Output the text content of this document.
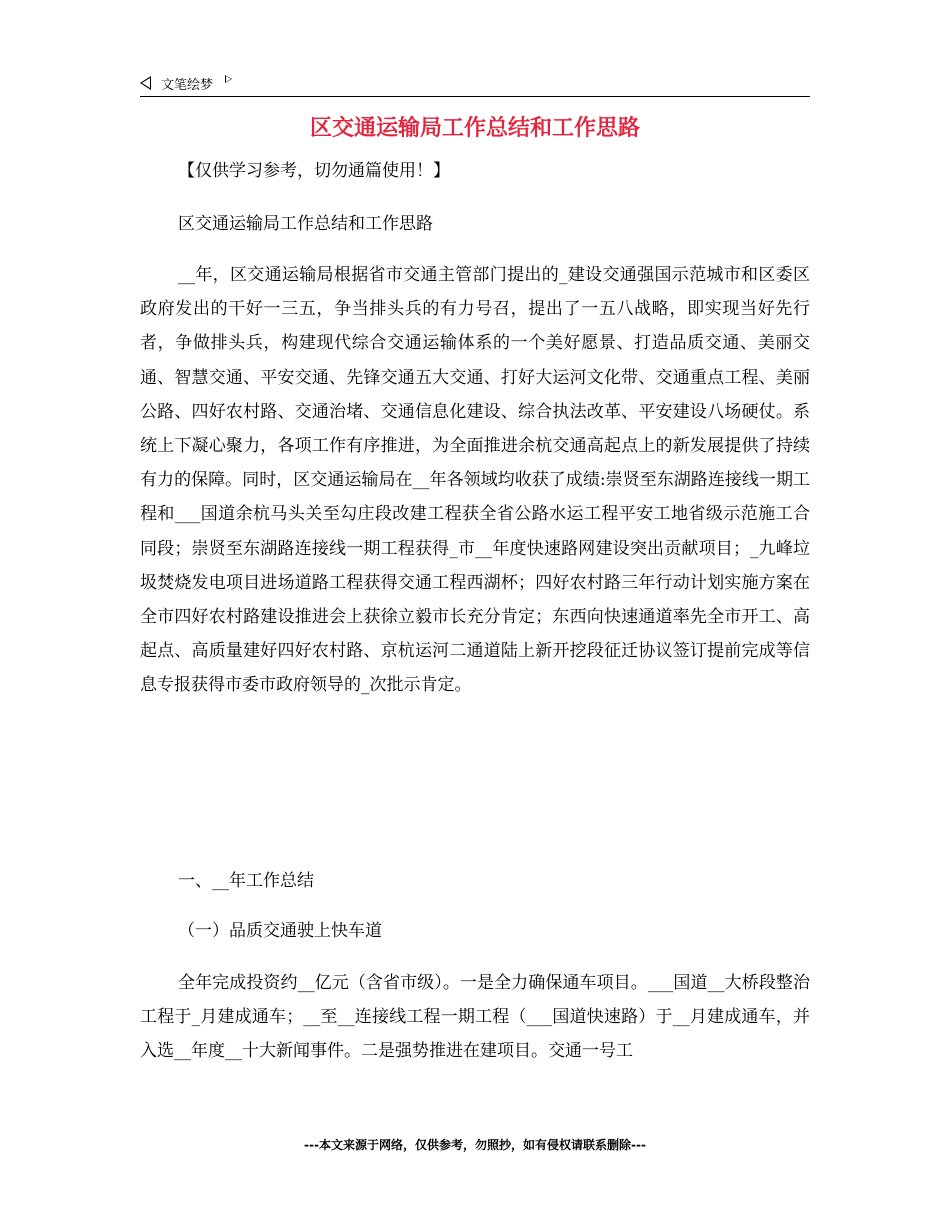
文笔绘梦
区交通运输局工作总结和工作思路

【仅供学习参考，切勿通篇使用！】

区交通运输局工作总结和工作思路

__年，区交通运输局根据省市交通主管部门提出的_建设交通强国示范城市和区委区政府发出的干好一三五，争当排头兵的有力号召，提出了一五八战略，即实现当好先行者，争做排头兵，构建现代综合交通运输体系的一个美好愿景、打造品质交通、美丽交通、智慧交通、平安交通、先锋交通五大交通、打好大运河文化带、交通重点工程、美丽公路、四好农村路、交通治堵、交通信息化建设、综合执法改革、平安建设八场硬仗。系统上下凝心聚力，各项工作有序推进，为全面推进余杭交通高起点上的新发展提供了持续有力的保障。同时，区交通运输局在__年各领域均收获了成绩:崇贤至东湖路连接线一期工程和___国道余杭马头关至勾庄段改建工程获全省公路水运工程平安工地省级示范施工合同段；崇贤至东湖路连接线一期工程获得_市__年度快速路网建设突出贡献项目；_九峰垃圾焚烧发电项目进场道路工程获得交通工程西湖杯；四好农村路三年行动计划实施方案在全市四好农村路建设推进会上获徐立毅市长充分肯定；东西向快速通道率先全市开工、高起点、高质量建好四好农村路、京杭运河二通道陆上新开挖段征迁协议签订提前完成等信息专报获得市委市政府领导的_次批示肯定。

一、__年工作总结

（一）品质交通驶上快车道

全年完成投资约__亿元（含省市级）。一是全力确保通车项目。___国道__大桥段整治工程于_月建成通车；__至__连接线工程一期工程（___国道快速路）于__月建成通车，并入选__年度__十大新闻事件。二是强势推进在建项目。交通一号工

---本文来源于网络，仅供参考，勿照抄，如有侵权请联系删除---
